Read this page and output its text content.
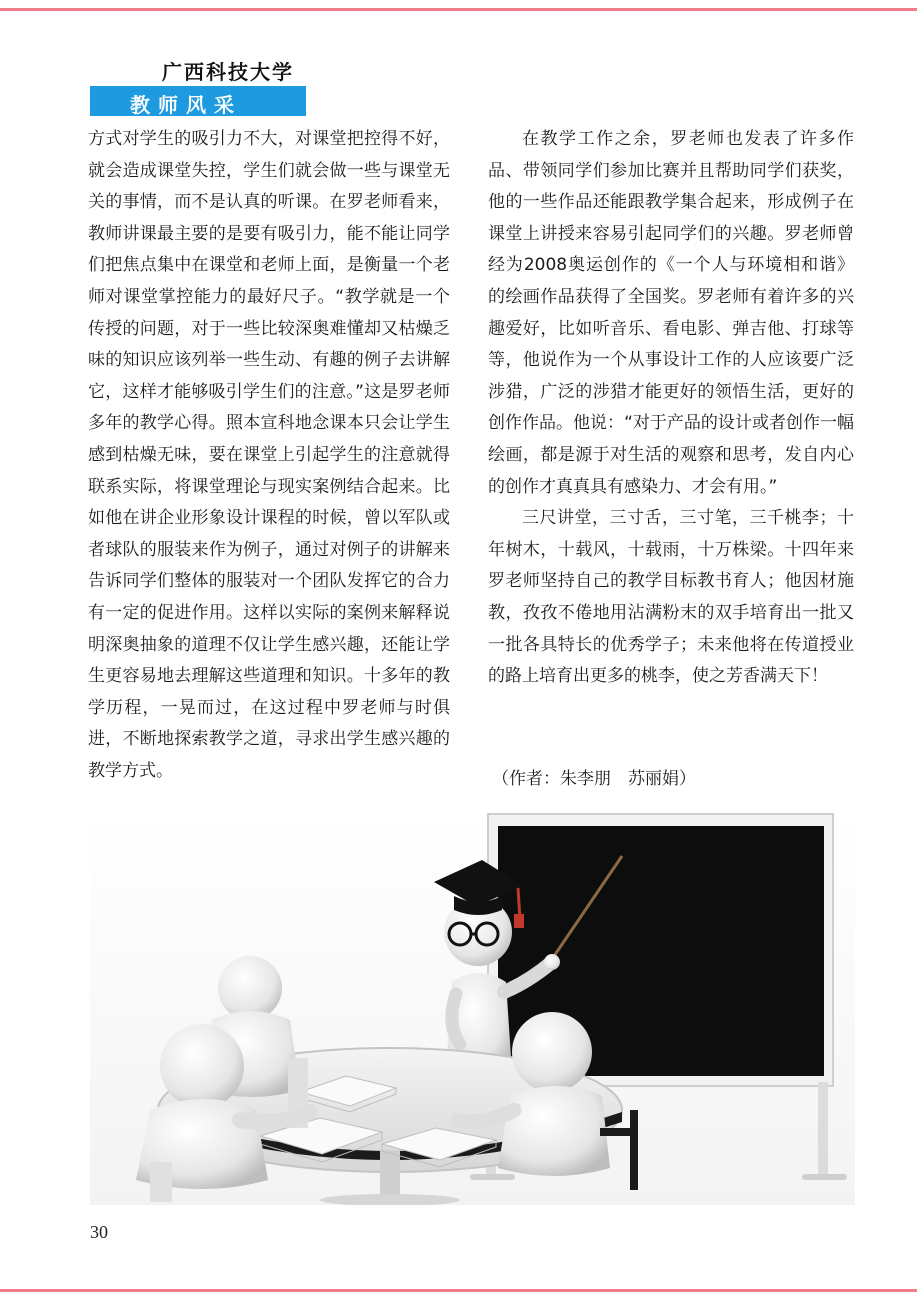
广西科技大学
教师风采

方式对学生的吸引力不大，对课堂把控得不好，就会造成课堂失控，学生们就会做一些与课堂无关的事情，而不是认真的听课。在罗老师看来，教师讲课最主要的是要有吸引力，能不能让同学们把焦点集中在课堂和老师上面，是衡量一个老师对课堂掌控能力的最好尺子。“教学就是一个传授的问题，对于一些比较深奥难懂却又枯燥乏味的知识应该列举一些生动、有趣的例子去讲解它，这样才能够吸引学生们的注意。”这是罗老师多年的教学心得。照本宣科地念课本只会让学生感到枯燥无味，要在课堂上引起学生的注意就得联系实际，将课堂理论与现实案例结合起来。比如他在讲企业形象设计课程的时候，曾以军队或者球队的服装来作为例子，通过对例子的讲解来告诉同学们整体的服装对一个团队发挥它的合力有一定的促进作用。这样以实际的案例来解释说明深奥抽象的道理不仅让学生感兴趣，还能让学生更容易地去理解这些道理和知识。十多年的教学历程，一晃而过，在这过程中罗老师与时俱进，不断地探索教学之道，寻求出学生感兴趣的教学方式。

在教学工作之余，罗老师也发表了许多作品、带领同学们参加比赛并且帮助同学们获奖，他的一些作品还能跟教学集合起来，形成例子在课堂上讲授来容易引起同学们的兴趣。罗老师曾经为2008奥运创作的《一个人与环境相和谐》的绘画作品获得了全国奖。罗老师有着许多的兴趣爱好，比如听音乐、看电影、弹吉他、打球等等，他说作为一个从事设计工作的人应该要广泛涉猎，广泛的涉猎才能更好的领悟生活，更好的创作作品。他说：“对于产品的设计或者创作一幅绘画，都是源于对生活的观察和思考，发自内心的创作才真真具有感染力、才会有用。”

三尺讲堂，三寸舌，三寸笔，三千桃李；十年树木，十载风，十载雨，十万株梁。十四年来罗老师坚持自己的教学目标教书育人；他因材施教，孜孜不倦地用沾满粉末的双手培育出一批又一批各具特长的优秀学子；未来他将在传道授业的路上培育出更多的桃李，使之芳香满天下！

（作者：朱李朋　苏丽娟）
30
